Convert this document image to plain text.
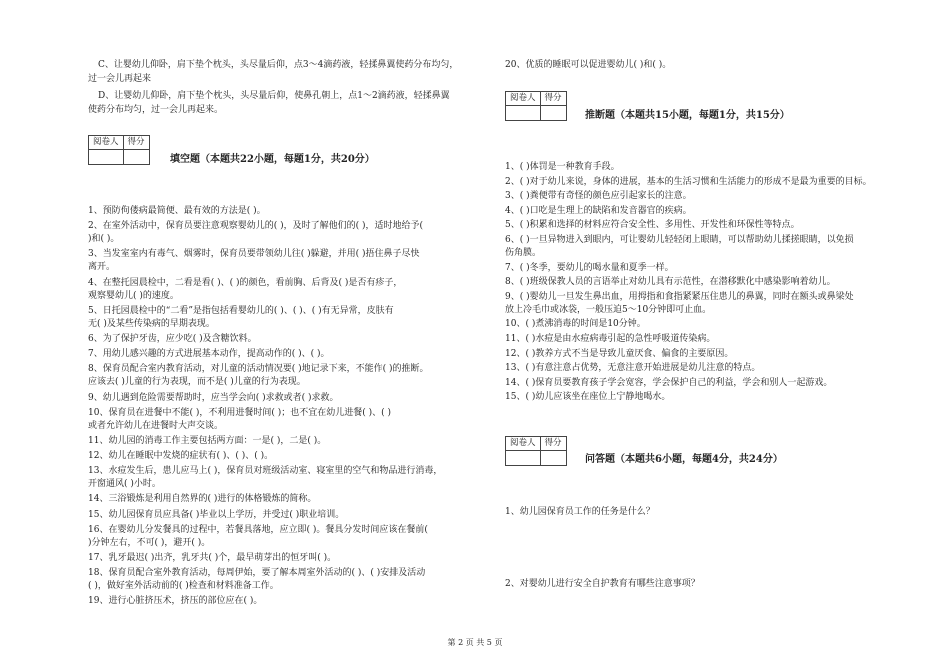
C、让婴幼儿仰卧，肩下垫个枕头，头尽量后仰，点3～4滴药液，轻揉鼻翼使药分布均匀，

过一会儿再起来

D、让婴幼儿仰卧，肩下垫个枕头，头尽量后仰，使鼻孔朝上，点1～2滴药液，轻揉鼻翼

使药分布均匀，过一会儿再起来。

阅卷人	得分

填空题（本题共22小题，每题1分，共20分）

1、预防佝偻病最简便、最有效的方法是( )。

2、在室外活动中，保育员要注意观察婴幼儿的( )，及时了解他们的( )，适时地给予(

)和( )。

3、当发室室内有毒气、烟雾时，保育员要带领幼儿往( )躲避，并用( )捂住鼻子尽快

离开。

4、在整托园晨检中，二看是看( )、( )的颜色，看前胸、后背及( )是否有疹子，

观察婴幼儿( )的速度。

5、日托园晨检中的“二看”是指包括看婴幼儿的( )、( )、( )有无异常，皮肤有

无( )及某些传染病的早期表现。

6、为了保护牙齿，应少吃( )及含糖饮料。

7、用幼儿感兴趣的方式进展基本动作，提高动作的( )、( )。

8、保育员配合室内教育活动，对儿童的活动情况要( )地记录下来，不能作( )的推断。

应该去( )儿童的行为表现，而不是( )儿童的行为表现。

9、幼儿遇到危险需要帮助时，应当学会向( )求救或者( )求救。

10、保育员在进餐中不能( )，不利用进餐时间( )；也不宜在幼儿进餐( )、( )

或者允许幼儿在进餐时大声交谈。

11、幼儿园的消毒工作主要包括两方面：一是( )，二是( )。

12、幼儿在睡眠中发烧的症状有( )、( )、( )。

13、水痘发生后，患儿应马上( )，保育员对班级活动室、寝室里的空气和物品进行消毒，

开窗通风( )小时。

14、三浴锻炼是利用自然界的( )进行的体格锻炼的简称。

15、幼儿园保育员应具备( )毕业以上学历，并受过( )职业培训。

16、在婴幼儿分发餐具的过程中，若餐具落地，应立即( )。餐具分发时间应该在餐前(

)分钟左右，不可( )，避开( )。

17、乳牙最迟( )出齐，乳牙共( )个，最早萌芽出的恒牙叫( )。

18、保育员配合室外教育活动，每周伊始，要了解本周室外活动的( )、( )安排及活动

( )，做好室外活动前的( )检查和材料准备工作。

19、进行心脏挤压术，挤压的部位应在( )。

20、优质的睡眠可以促进婴幼儿( )和( )。

阅卷人	得分

推断题（本题共15小题，每题1分，共15分）

1、( )体罚是一种教育手段。

2、( )对于幼儿来说，身体的进展，基本的生活习惯和生活能力的形成不是最为重要的目标。

3、( )粪便带有奇怪的颜色应引起家长的注意。

4、( )口吃是生理上的缺陷和发音器官的疾病。

5、( )积累和选择的材料应符合安全性、多用性、开发性和环保性等特点。

6、( )一旦异物进入到眼内，可让婴幼儿轻轻闭上眼睛，可以帮助幼儿揉搓眼睛，以免损

伤角膜。

7、( )冬季，要幼儿的喝水量和夏季一样。

8、( )班级保教人员的言语举止对幼儿具有示范性，在潜移默化中感染影响着幼儿。

9、( )婴幼儿一旦发生鼻出血，用拇指和食指紧紧压住患儿的鼻翼，同时在额头或鼻梁处

放上冷毛巾或冰袋，一般压迫5～10分钟即可止血。

10、( )煮沸消毒的时间是10分钟。

11、( )水痘是由水痘病毒引起的急性呼吸道传染病。

12、( )教养方式不当是导致儿童厌食、偏食的主要原因。

13、( )有意注意占优势，无意注意开始进展是幼儿注意的特点。

14、( )保育员要教育孩子学会宽容，学会保护自己的利益，学会和别人一起游戏。

15、( )幼儿应该坐在座位上宁静地喝水。

阅卷人	得分

问答题（本题共6小题，每题4分，共24分）

1、幼儿园保育员工作的任务是什么？

2、对婴幼儿进行安全自护教育有哪些注意事项？

第 2 页 共 5 页
